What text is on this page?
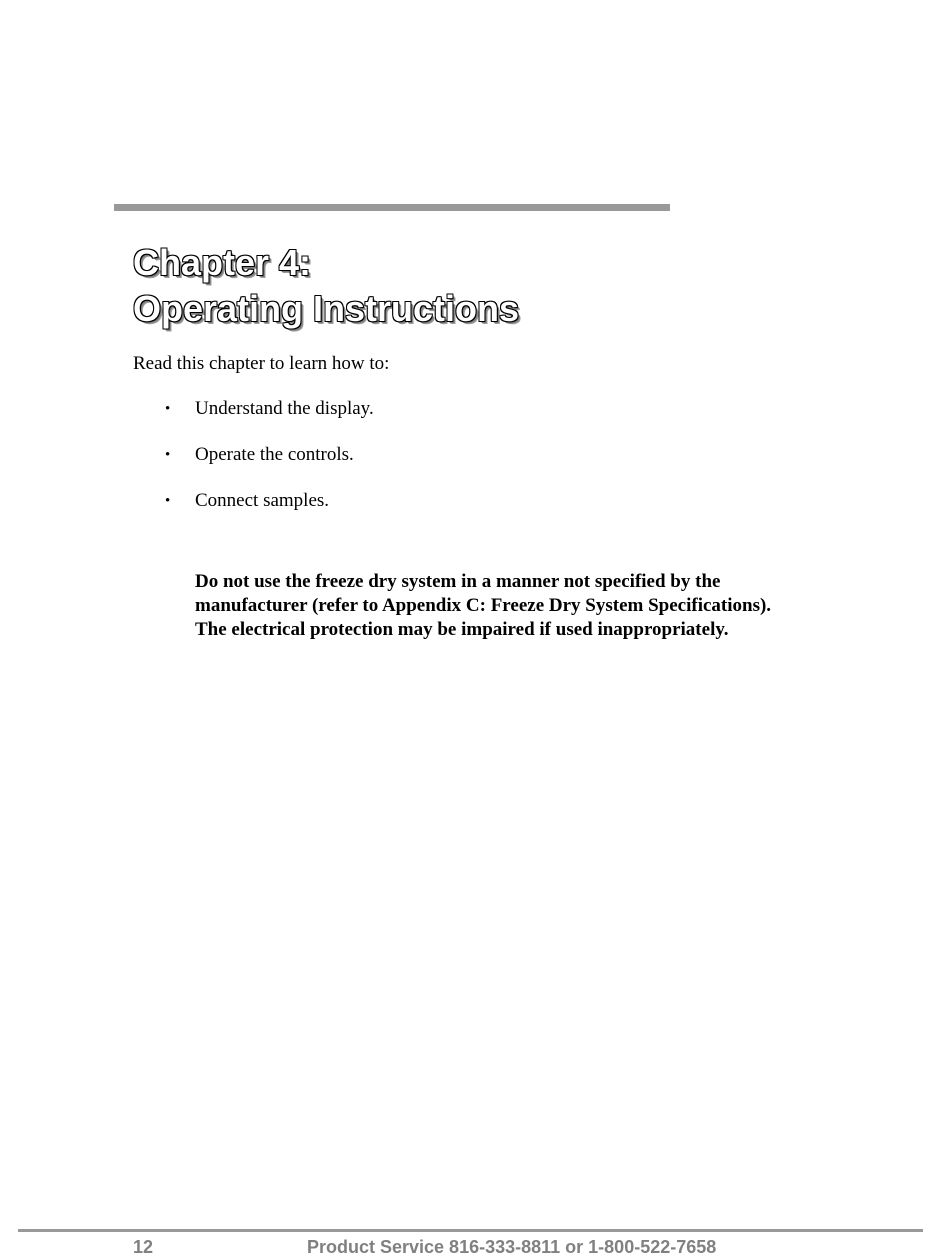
Chapter 4:
Operating Instructions

Read this chapter to learn how to:

• Understand the display.
• Operate the controls.
• Connect samples.

Do not use the freeze dry system in a manner not specified by the manufacturer (refer to Appendix C: Freeze Dry System Specifications). The electrical protection may be impaired if used inappropriately.

12	Product Service 816-333-8811 or 1-800-522-7658
